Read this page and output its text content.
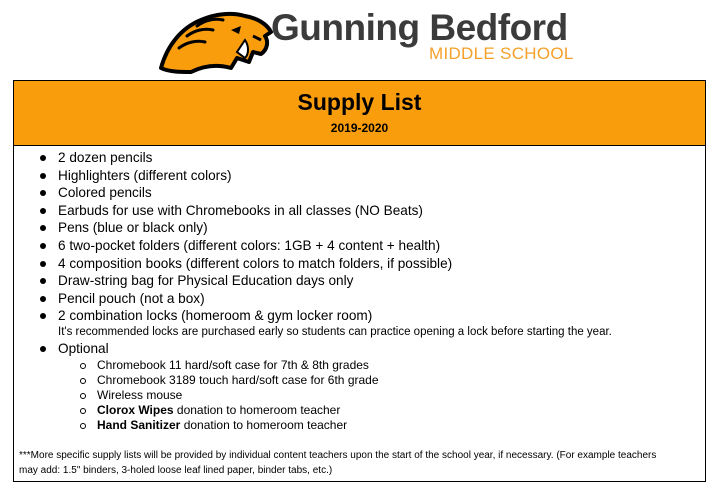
Gunning Bedford
MIDDLE SCHOOL
Supply List
2019-2020
2 dozen pencils
Highlighters (different colors)
Colored pencils
Earbuds for use with Chromebooks in all classes (NO Beats)
Pens (blue or black only)
6 two-pocket folders (different colors: 1GB + 4 content + health)
4 composition books (different colors to match folders, if possible)
Draw-string bag for Physical Education days only
Pencil pouch (not a box)
2 combination locks (homeroom & gym locker room)
It's recommended locks are purchased early so students can practice opening a lock before starting the year.
Optional
Chromebook 11 hard/soft case for 7th & 8th grades
Chromebook 3189 touch hard/soft case for 6th grade
Wireless mouse
Clorox Wipes donation to homeroom teacher
Hand Sanitizer donation to homeroom teacher
***More specific supply lists will be provided by individual content teachers upon the start of the school year, if necessary. (For example teachers
may add: 1.5" binders, 3-holed loose leaf lined paper, binder tabs, etc.)
